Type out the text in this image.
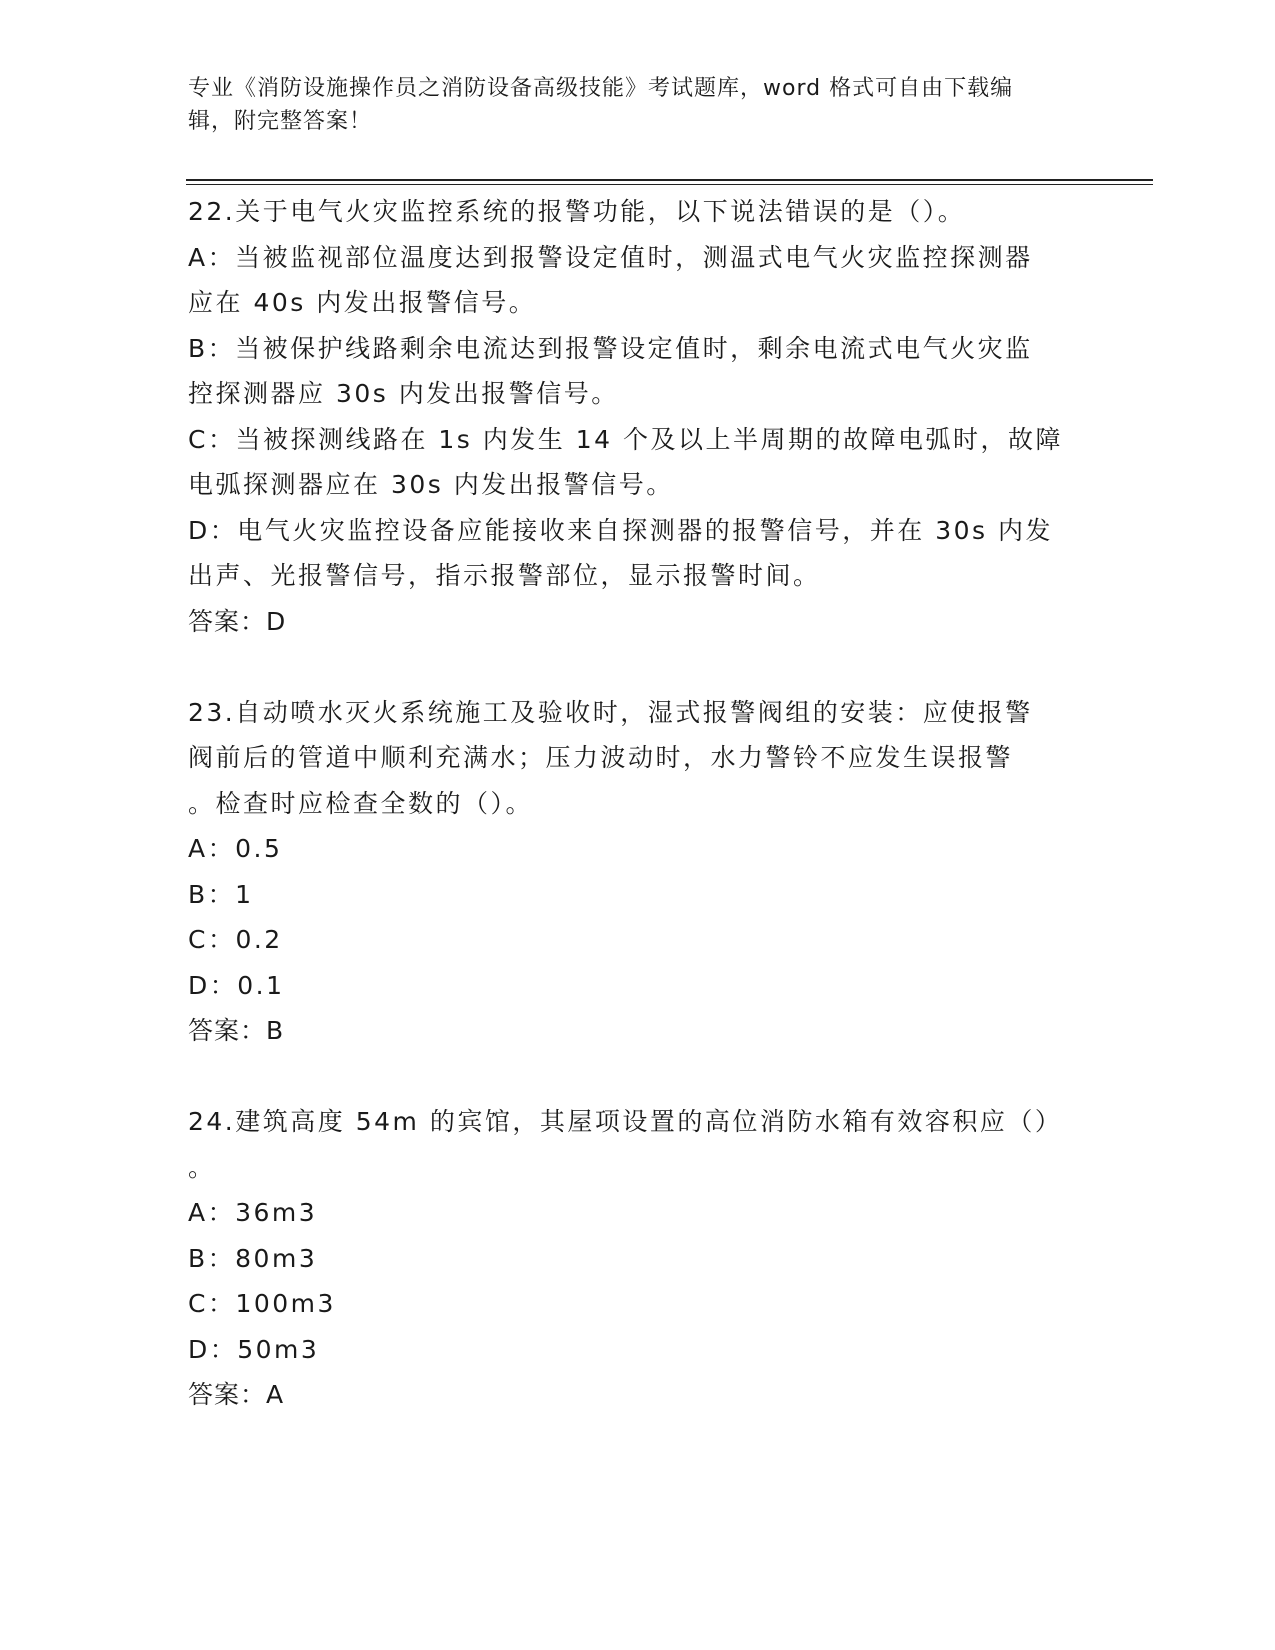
专业《消防设施操作员之消防设备高级技能》考试题库，word 格式可自由下载编
辑，附完整答案！
22.关于电气火灾监控系统的报警功能，以下说法错误的是（）。
A：当被监视部位温度达到报警设定值时，测温式电气火灾监控探测器
应在 40s 内发出报警信号。
B：当被保护线路剩余电流达到报警设定值时，剩余电流式电气火灾监
控探测器应 30s 内发出报警信号。
C：当被探测线路在 1s 内发生 14 个及以上半周期的故障电弧时，故障
电弧探测器应在 30s 内发出报警信号。
D：电气火灾监控设备应能接收来自探测器的报警信号，并在 30s 内发
出声、光报警信号，指示报警部位，显示报警时间。
答案：D
23.自动喷水灭火系统施工及验收时，湿式报警阀组的安装：应使报警
阀前后的管道中顺利充满水；压力波动时，水力警铃不应发生误报警
。检查时应检查全数的（）。
A：0.5
B：1
C：0.2
D：0.1
答案：B
24.建筑高度 54m 的宾馆，其屋项设置的高位消防水箱有效容积应（）
。
A：36m3
B：80m3
C：100m3
D：50m3
答案：A
